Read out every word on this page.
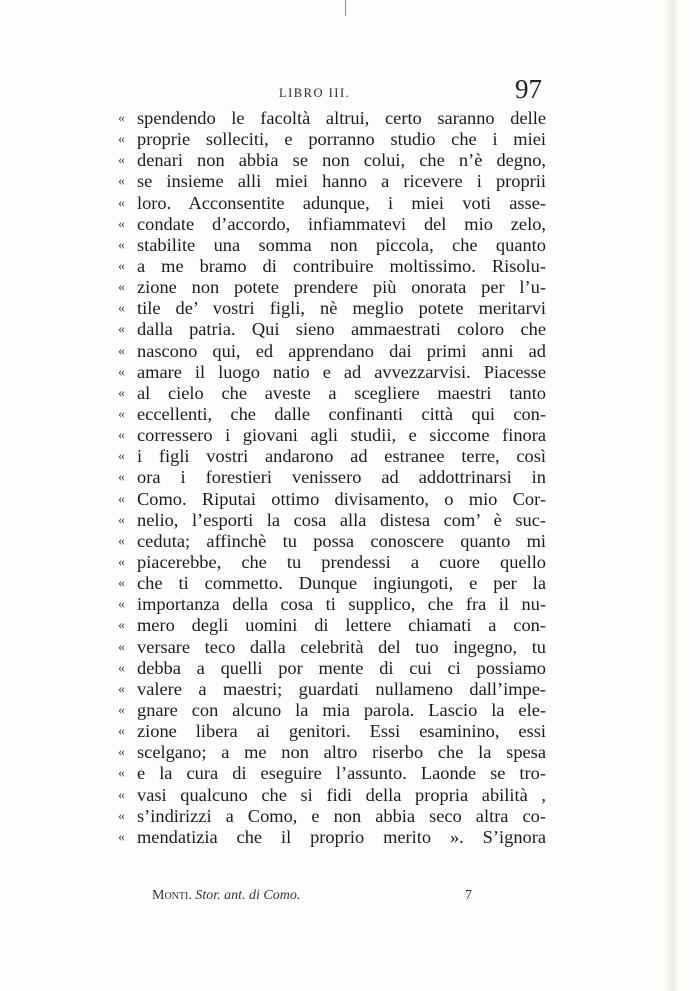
LIBRO III.	97
« spendendo le facoltà altrui, certo saranno delle
« proprie solleciti, e porranno studio che i miei
« denari non abbia se non colui, che n’è degno,
« se insieme alli miei hanno a ricevere i proprii
« loro. Acconsentite adunque, i miei voti asse-
« condate d’accordo, infiammatevi del mio zelo,
« stabilite una somma non piccola, che quanto
« a me bramo di contribuire moltissimo. Risolu-
« zione non potete prendere più onorata per l’u-
« tile de’ vostri figli, nè meglio potete meritarvi
« dalla patria. Qui sieno ammaestrati coloro che
« nascono qui, ed apprendano dai primi anni ad
« amare il luogo natio e ad avvezzarvisi. Piacesse
« al cielo che aveste a scegliere maestri tanto
« eccellenti, che dalle confinanti città qui con-
« corressero i giovani agli studii, e siccome finora
« i figli vostri andarono ad estranee terre, così
« ora i forestieri venissero ad addottrinarsi in
« Como. Riputai ottimo divisamento, o mio Cor-
« nelio, l’esporti la cosa alla distesa com’ è suc-
« ceduta; affinchè tu possa conoscere quanto mi
« piacerebbe, che tu prendessi a cuore quello
« che ti commetto. Dunque ingiungoti, e per la
« importanza della cosa ti supplico, che fra il nu-
« mero degli uomini di lettere chiamati a con-
« versare teco dalla celebrità del tuo ingegno, tu
« debba a quelli por mente di cui ci possiamo
« valere a maestri; guardati nullameno dall’impe-
« gnare con alcuno la mia parola. Lascio la ele-
« zione libera ai genitori. Essi esaminino, essi
« scelgano; a me non altro riserbo che la spesa
« e la cura di eseguire l’assunto. Laonde se tro-
« vasi qualcuno che si fidi della propria abilità ,
« s’indirizzi a Como, e non abbia seco altra co-
« mendatizia che il proprio merito ». S’ignora
Monti. Stor. ant. di Como.	7
